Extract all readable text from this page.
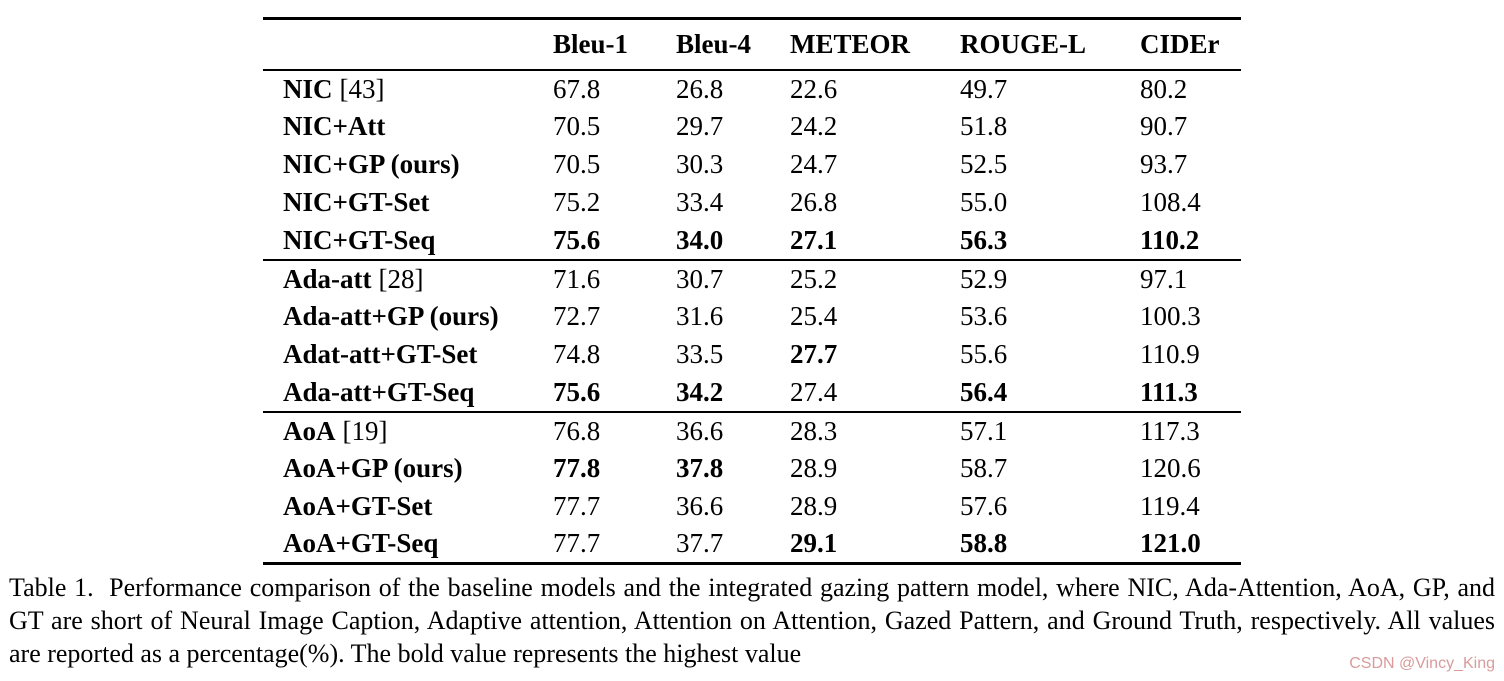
	Bleu-1	Bleu-4	METEOR	ROUGE-L	CIDEr
NIC [43]	67.8	26.8	22.6	49.7	80.2
NIC+Att	70.5	29.7	24.2	51.8	90.7
NIC+GP (ours)	70.5	30.3	24.7	52.5	93.7
NIC+GT-Set	75.2	33.4	26.8	55.0	108.4
NIC+GT-Seq	75.6	34.0	27.1	56.3	110.2
Ada-att [28]	71.6	30.7	25.2	52.9	97.1
Ada-att+GP (ours)	72.7	31.6	25.4	53.6	100.3
Adat-att+GT-Set	74.8	33.5	27.7	55.6	110.9
Ada-att+GT-Seq	75.6	34.2	27.4	56.4	111.3
AoA [19]	76.8	36.6	28.3	57.1	117.3
AoA+GP (ours)	77.8	37.8	28.9	58.7	120.6
AoA+GT-Set	77.7	36.6	28.9	57.6	119.4
AoA+GT-Seq	77.7	37.7	29.1	58.8	121.0

Table 1.  Performance comparison of the baseline models and the integrated gazing pattern model, where NIC, Ada-Attention, AoA, GP, and GT are short of Neural Image Caption, Adaptive attention, Attention on Attention, Gazed Pattern, and Ground Truth, respectively. All values are reported as a percentage(%). The bold value represents the highest value	CSDN @Vincy_King
